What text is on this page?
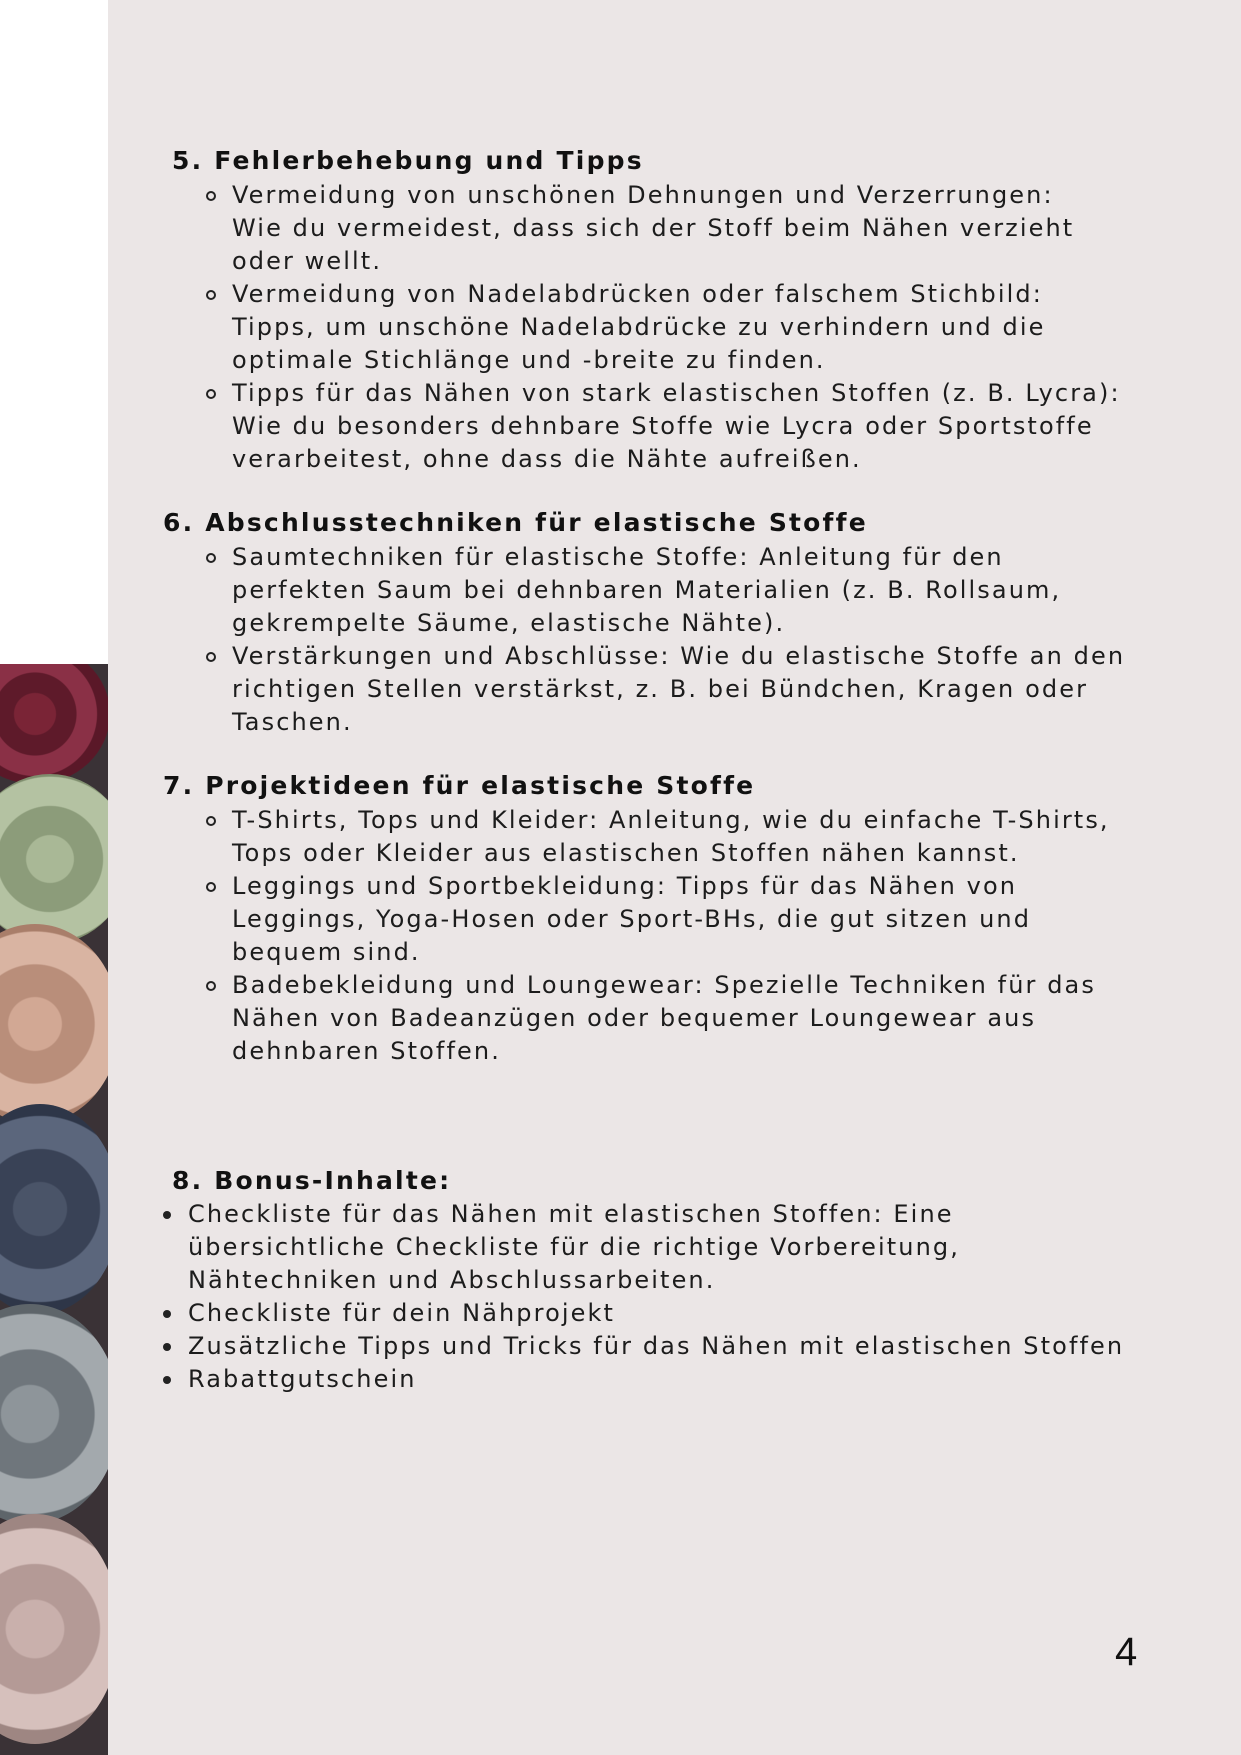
5. Fehlerbehebung und Tipps
Vermeidung von unschönen Dehnungen und Verzerrungen:
Wie du vermeidest, dass sich der Stoff beim Nähen verzieht
oder wellt.
Vermeidung von Nadelabdrücken oder falschem Stichbild:
Tipps, um unschöne Nadelabdrücke zu verhindern und die
optimale Stichlänge und -breite zu finden.
Tipps für das Nähen von stark elastischen Stoffen (z. B. Lycra):
Wie du besonders dehnbare Stoffe wie Lycra oder Sportstoffe
verarbeitest, ohne dass die Nähte aufreißen.
6. Abschlusstechniken für elastische Stoffe
Saumtechniken für elastische Stoffe: Anleitung für den
perfekten Saum bei dehnbaren Materialien (z. B. Rollsaum,
gekrempelte Säume, elastische Nähte).
Verstärkungen und Abschlüsse: Wie du elastische Stoffe an den
richtigen Stellen verstärkst, z. B. bei Bündchen, Kragen oder
Taschen.
7. Projektideen für elastische Stoffe
T-Shirts, Tops und Kleider: Anleitung, wie du einfache T-Shirts,
Tops oder Kleider aus elastischen Stoffen nähen kannst.
Leggings und Sportbekleidung: Tipps für das Nähen von
Leggings, Yoga-Hosen oder Sport-BHs, die gut sitzen und
bequem sind.
Badebekleidung und Loungewear: Spezielle Techniken für das
Nähen von Badeanzügen oder bequemer Loungewear aus
dehnbaren Stoffen.
8. Bonus-Inhalte:
Checkliste für das Nähen mit elastischen Stoffen: Eine
übersichtliche Checkliste für die richtige Vorbereitung,
Nähtechniken und Abschlussarbeiten.
Checkliste für dein Nähprojekt
Zusätzliche Tipps und Tricks für das Nähen mit elastischen Stoffen
Rabattgutschein
4
